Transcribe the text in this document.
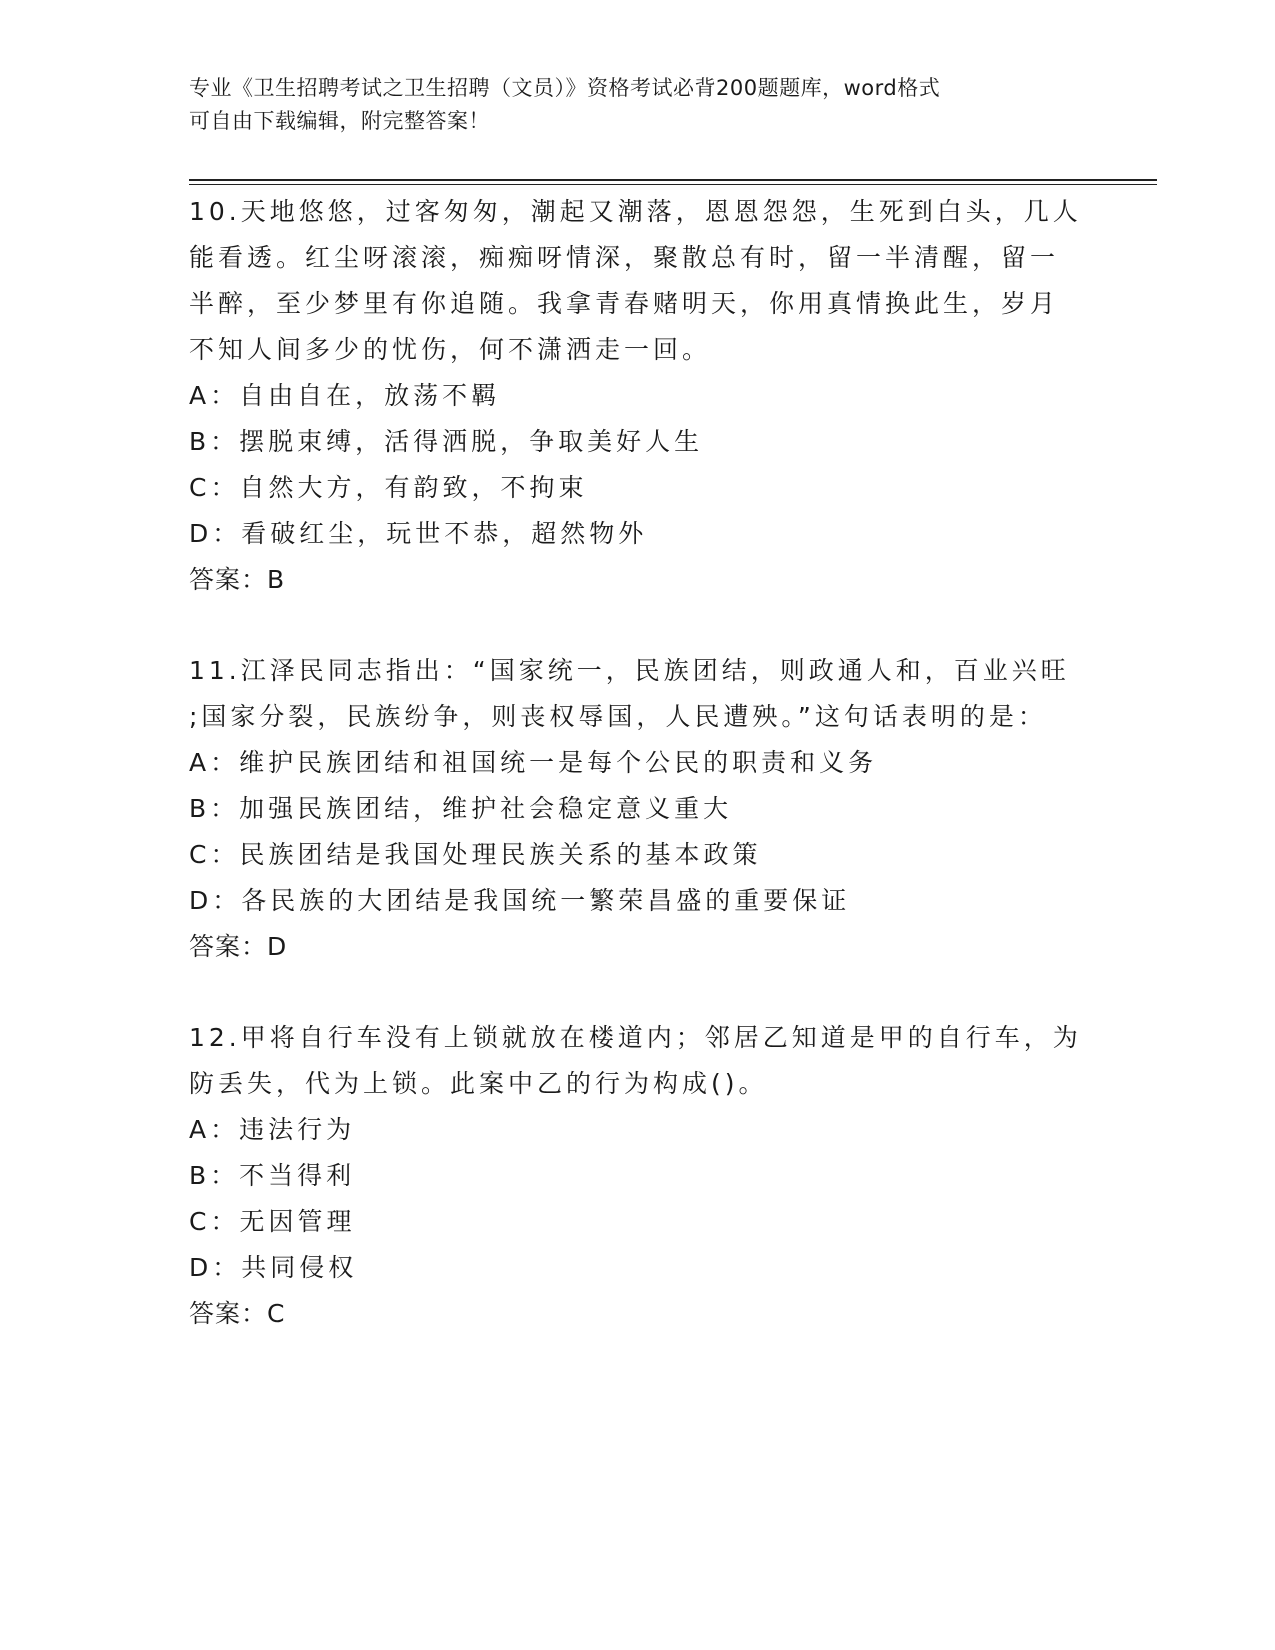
专业《卫生招聘考试之卫生招聘（文员）》资格考试必背200题题库，word格式
可自由下载编辑，附完整答案！
10.天地悠悠，过客匆匆，潮起又潮落，恩恩怨怨，生死到白头，几人
能看透。红尘呀滚滚，痴痴呀情深，聚散总有时，留一半清醒，留一
半醉，至少梦里有你追随。我拿青春赌明天，你用真情换此生，岁月
不知人间多少的忧伤，何不潇洒走一回。
A：自由自在，放荡不羁
B：摆脱束缚，活得洒脱，争取美好人生
C：自然大方，有韵致，不拘束
D：看破红尘，玩世不恭，超然物外
答案：B
11.江泽民同志指出：“国家统一，民族团结，则政通人和，百业兴旺
;国家分裂，民族纷争，则丧权辱国，人民遭殃。”这句话表明的是：
A：维护民族团结和祖国统一是每个公民的职责和义务
B：加强民族团结，维护社会稳定意义重大
C：民族团结是我国处理民族关系的基本政策
D：各民族的大团结是我国统一繁荣昌盛的重要保证
答案：D
12.甲将自行车没有上锁就放在楼道内；邻居乙知道是甲的自行车，为
防丢失，代为上锁。此案中乙的行为构成()。
A：违法行为
B：不当得利
C：无因管理
D：共同侵权
答案：C
